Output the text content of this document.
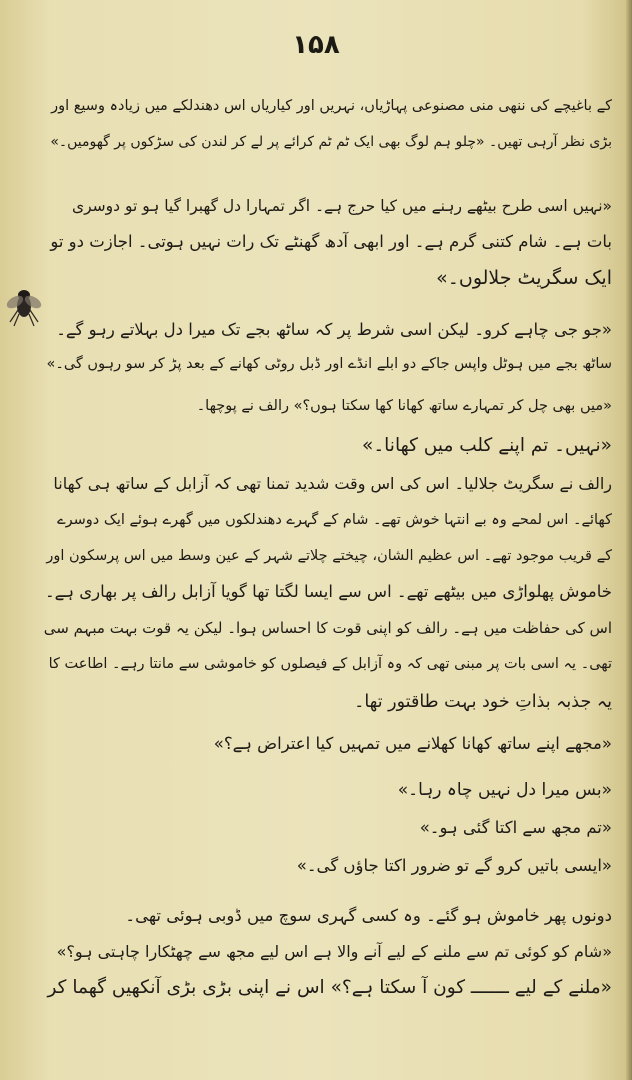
۱۵۸
کے باغیچے کی ننھی منی مصنوعی پہاڑیاں، نہریں اور کیاریاں اس دھندلکے میں زیادہ وسیع اور
بڑی نظر آرہی تھیں۔ «چلو ہم لوگ بھی ایک ٹم ٹم کرائے پر لے کر لندن کی سڑکوں پر گھومیں۔»
«نہیں اسی طرح بیٹھے رہنے میں کیا حرج ہے۔ اگر تمہارا دل گھبرا گیا ہو تو دوسری
بات ہے۔ شام کتنی گرم ہے۔ اور ابھی آدھ گھنٹے تک رات نہیں ہوتی۔ اجازت دو تو
ایک سگریٹ جلالوں۔»
«جو جی چاہے کرو۔ لیکن اسی شرط پر کہ ساٹھ بجے تک میرا دل بہلاتے رہو گے۔
ساٹھ بجے میں ہوٹل واپس جاکے دو ابلے انڈے اور ڈبل روٹی کھانے کے بعد پڑ کر سو رہوں گی۔»
«میں بھی چل کر تمہارے ساتھ کھانا کھا سکتا ہوں؟» رالف نے پوچھا۔
«نہیں۔ تم اپنے کلب میں کھانا۔»
رالف نے سگریٹ جلالیا۔ اس کی اس وقت شدید تمنا تھی کہ آزابل کے ساتھ ہی کھانا
کھائے۔ اس لمحے وہ بے انتہا خوش تھے۔ شام کے گہرے دھندلکوں میں گھرے ہوئے ایک دوسرے
کے قریب موجود تھے۔ اس عظیم الشان، چیختے چلاتے شہر کے عین وسط میں اس پرسکون اور
خاموش پھلواڑی میں بیٹھے تھے۔ اس سے ایسا لگتا تھا گویا آزابل رالف پر بھاری ہے۔
اس کی حفاظت میں ہے۔ رالف کو اپنی قوت کا احساس ہوا۔ لیکن یہ قوت بہت مبہم سی
تھی۔ یہ اسی بات پر مبنی تھی کہ وہ آزابل کے فیصلوں کو خاموشی سے مانتا رہے۔ اطاعت کا
یہ جذبہ بذاتِ خود بہت طاقتور تھا۔
«مجھے اپنے ساتھ کھانا کھلانے میں تمہیں کیا اعتراض ہے؟»
«بس میرا دل نہیں چاہ رہا۔»
«تم مجھ سے اکتا گئی ہو۔»
«ایسی باتیں کرو گے تو ضرور اکتا جاؤں گی۔»
دونوں پھر خاموش ہو گئے۔ وہ کسی گہری سوچ میں ڈوبی ہوئی تھی۔
«شام کو کوئی تم سے ملنے کے لیے آنے والا ہے اس لیے مجھ سے چھٹکارا چاہتی ہو؟»
«ملنے کے لیے ـــــــ کون آ سکتا ہے؟» اس نے اپنی بڑی بڑی آنکھیں گھما کر
